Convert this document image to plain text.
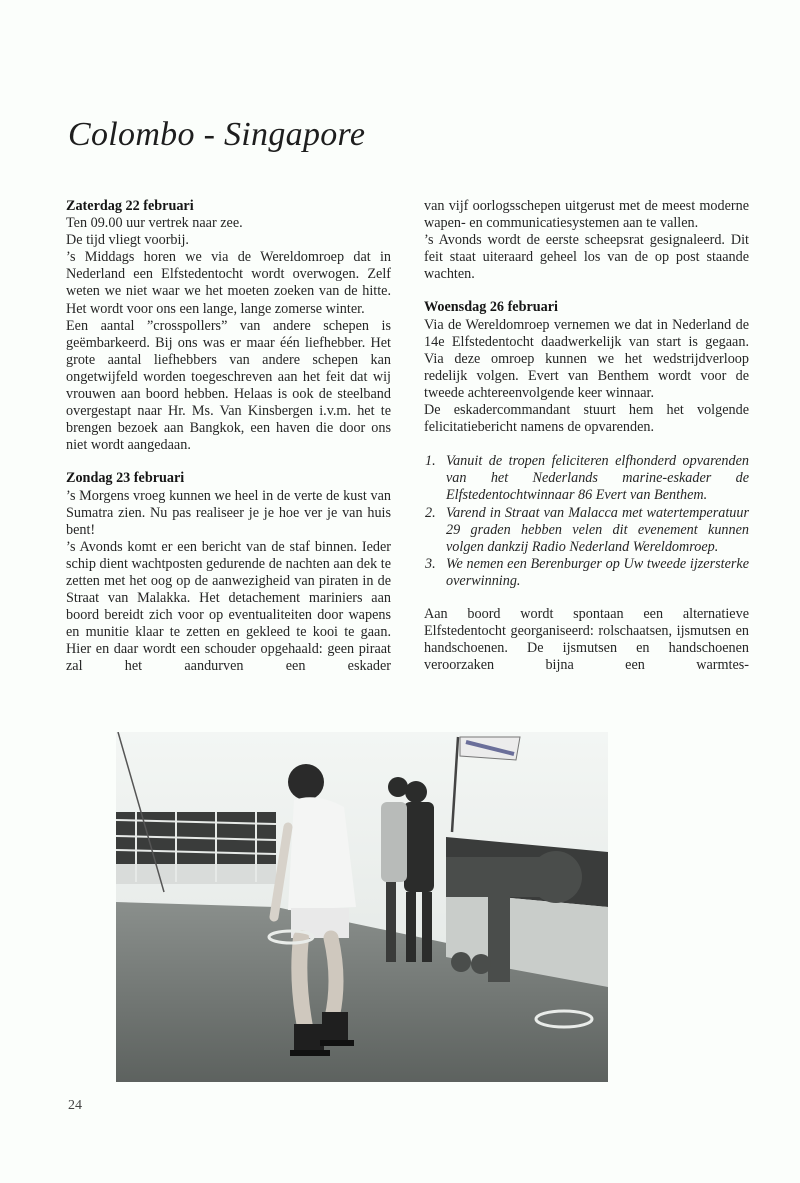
Colombo - Singapore
Zaterdag 22 februari
Ten 09.00 uur vertrek naar zee.
De tijd vliegt voorbij.
’s Middags horen we via de Wereldomroep dat in Nederland een Elfstedentocht wordt overwogen. Zelf weten we niet waar we het moeten zoeken van de hitte. Het wordt voor ons een lange, lange zomerse winter.
Een aantal ”crosspollers” van andere schepen is geëmbarkeerd. Bij ons was er maar één liefhebber. Het grote aantal liefhebbers van andere schepen kan ongetwijfeld worden toegeschreven aan het feit dat wij vrouwen aan boord hebben. Helaas is ook de steelband overgestapt naar Hr. Ms. Van Kinsbergen i.v.m. het te brengen bezoek aan Bangkok, een haven die door ons niet wordt aangedaan.
Zondag 23 februari
’s Morgens vroeg kunnen we heel in de verte de kust van Sumatra zien. Nu pas realiseer je je hoe ver je van huis bent!
’s Avonds komt er een bericht van de staf binnen. Ieder schip dient wachtposten gedurende de nachten aan dek te zetten met het oog op de aanwezigheid van piraten in de Straat van Malakka. Het detachement mariniers aan boord bereidt zich voor op eventualiteiten door wapens en munitie klaar te zetten en gekleed te kooi te gaan. Hier en daar wordt een schouder opgehaald: geen piraat zal het aandurven een eskader
van vijf oorlogsschepen uitgerust met de meest moderne wapen- en communicatiesystemen aan te vallen.
’s Avonds wordt de eerste scheepsrat gesignaleerd. Dit feit staat uiteraard geheel los van de op post staande wachten.
Woensdag 26 februari
Via de Wereldomroep vernemen we dat in Nederland de 14e Elfstedentocht daadwerkelijk van start is gegaan. Via deze omroep kunnen we het wedstrijdverloop redelijk volgen. Evert van Benthem wordt voor de tweede achtereenvolgende keer winnaar.
De eskadercommandant stuurt hem het volgende felicitatiebericht namens de opvarenden.
1. Vanuit de tropen feliciteren elfhonderd opvarenden van het Nederlands marine-eskader de Elfstedentochtwinnaar 86 Evert van Benthem.
2. Varend in Straat van Malacca met watertemperatuur 29 graden hebben velen dit evenement kunnen volgen dankzij Radio Nederland Wereldomroep.
3. We nemen een Berenburger op Uw tweede ijzersterke overwinning.
Aan boord wordt spontaan een alternatieve Elfstedentocht georganiseerd: rolschaatsen, ijsmutsen en handschoenen. De ijsmutsen en handschoenen veroorzaken bijna een warmtes-
24
